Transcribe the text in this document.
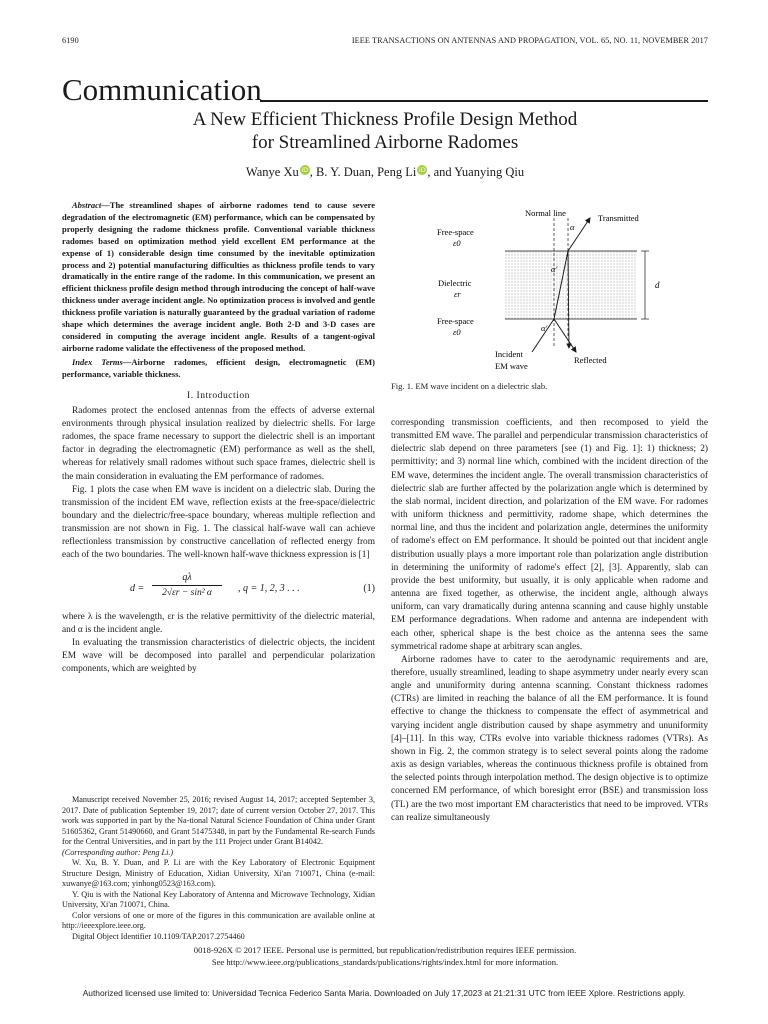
6190	IEEE TRANSACTIONS ON ANTENNAS AND PROPAGATION, VOL. 65, NO. 11, NOVEMBER 2017
Communication
A New Efficient Thickness Profile Design Method
for Streamlined Airborne Radomes
Wanye Xu iD , B. Y. Duan, Peng Li iD , and Yuanying Qiu
Abstract—The streamlined shapes of airborne radomes tend to cause severe degradation of the electromagnetic (EM) performance, which can be compensated by properly designing the radome thickness profile. Conventional variable thickness radomes based on optimization method yield excellent EM performance at the expense of 1) considerable design time consumed by the inevitable optimization process and 2) potential manufacturing difficulties as thickness profile tends to vary dramatically in the entire range of the radome. In this communication, we present an efficient thickness profile design method through introducing the concept of half-wave thickness under average incident angle. No optimization process is involved and gentle thickness profile variation is naturally guaranteed by the gradual variation of radome shape which determines the average incident angle. Both 2-D and 3-D cases are considered in computing the average incident angle. Results of a tangent-ogival airborne radome validate the effectiveness of the proposed method.
Index Terms—Airborne radomes, efficient design, electromagnetic (EM) performance, variable thickness.
I. Introduction
Radomes protect the enclosed antennas from the effects of adverse external environments through physical insulation realized by dielectric shells. For large radomes, the space frame necessary to support the dielectric shell is an important factor in degrading the electromagnetic (EM) performance as well as the shell, whereas for relatively small radomes without such space frames, dielectric shell is the main consideration in evaluating the EM performance of radomes.
Fig. 1 plots the case when EM wave is incident on a dielectric slab. During the transmission of the incident EM wave, reflection exists at the free-space/dielectric boundary and the dielectric/free-space boundary, whereas multiple reflection and transmission are not shown in Fig. 1. The classical half-wave wall can achieve reflectionless transmission by constructive cancellation of reflected energy from each of the two boundaries. The well-known half-wave thickness expression is [1]
$d = \frac{q\lambda}{\text{2√εr − sin² α}}$ , q = 1, 2, 3 . . .	(1)
where λ is the wavelength, εr is the relative permittivity of the dielectric material, and α is the incident angle.
In evaluating the transmission characteristics of dielectric objects, the incident EM wave will be decomposed into parallel and perpendicular polarization components, which are weighted by
Manuscript received November 25, 2016; revised August 14, 2017; accepted September 3, 2017. Date of publication September 19, 2017; date of current version October 27, 2017. This work was supported in part by the Na-tional Natural Science Foundation of China under Grant 51605362, Grant 51490660, and Grant 51475348, in part by the Fundamental Re-search Funds for the Central Universities, and in part by the 111 Project under Grant B14042.
(Corresponding author: Peng Li.)
W. Xu, B. Y. Duan, and P. Li are with the Key Laboratory of Electronic Equipment Structure Design, Ministry of Education, Xidian University, Xi'an 710071, China (e-mail: xuwanye@163.com; yinhong0523@163.com).
Y. Qiu is with the National Key Laboratory of Antenna and Microwave Technology, Xidian University, Xi'an 710071, China.
Color versions of one or more of the figures in this communication are available online at http://ieeexplore.ieee.org.
Digital Object Identifier 10.1109/TAP.2017.2754460
Normal line	Transmitted
Free-space
ε0
Dielectric
εr
Free-space
ε0
Incident
EM wave
Reflected
α
α′
α′
d
Fig. 1. EM wave incident on a dielectric slab.
corresponding transmission coefficients, and then recomposed to yield the transmitted EM wave. The parallel and perpendicular transmission characteristics of dielectric slab depend on three parameters [see (1) and Fig. 1]: 1) thickness; 2) permittivity; and 3) normal line which, combined with the incident direction of the EM wave, determines the incident angle. The overall transmission characteristics of dielectric slab are further affected by the polarization angle which is determined by the slab normal, incident direction, and polarization of the EM wave. For radomes with uniform thickness and permittivity, radome shape, which determines the normal line, and thus the incident and polarization angle, determines the uniformity of radome's effect on EM performance. It should be pointed out that incident angle distribution usually plays a more important role than polarization angle distribution in determining the uniformity of radome's effect [2], [3]. Apparently, slab can provide the best uniformity, but usually, it is only applicable when radome and antenna are fixed together, as otherwise, the incident angle, although always uniform, can vary dramatically during antenna scanning and cause highly unstable EM performance degradations. When radome and antenna are independent with each other, spherical shape is the best choice as the antenna sees the same symmetrical radome shape at arbitrary scan angles.
Airborne radomes have to cater to the aerodynamic requirements and are, therefore, usually streamlined, leading to shape asymmetry under nearly every scan angle and ununiformity during antenna scanning. Constant thickness radomes (CTRs) are limited in reaching the balance of all the EM performance. It is found effective to change the thickness to compensate the effect of asymmetrical and varying incident angle distribution caused by shape asymmetry and ununiformity [4]–[11]. In this way, CTRs evolve into variable thickness radomes (VTRs). As shown in Fig. 2, the common strategy is to select several points along the radome axis as design variables, whereas the continuous thickness profile is obtained from the selected points through interpolation method. The design objective is to optimize concerned EM performance, of which boresight error (BSE) and transmission loss (TL) are the two most important EM characteristics that need to be improved. VTRs can realize simultaneously
0018-926X © 2017 IEEE. Personal use is permitted, but republication/redistribution requires IEEE permission.
See http://www.ieee.org/publications_standards/publications/rights/index.html for more information.
Authorized licensed use limited to: Universidad Tecnica Federico Santa Maria. Downloaded on July 17,2023 at 21:21:31 UTC from IEEE Xplore. Restrictions apply.
